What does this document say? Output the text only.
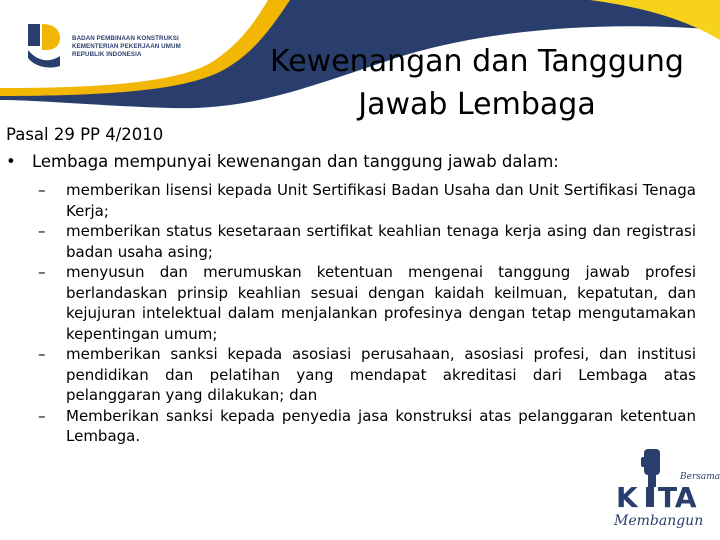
BADAN PEMBINAAN KONSTRUKSI
KEMENTERIAN PEKERJAAN UMUM
REPUBLIK INDONESIA	Kewenangan dan Tanggung Jawab Lembaga
Pasal 29 PP 4/2010
• Lembaga mempunyai kewenangan dan tanggung jawab dalam:
– memberikan lisensi kepada Unit Sertifikasi Badan Usaha dan Unit Sertifikasi Tenaga Kerja;
– memberikan status kesetaraan sertifikat keahlian tenaga kerja asing dan registrasi badan usaha asing;
– menyusun dan merumuskan ketentuan mengenai tanggung jawab profesi berlandaskan prinsip keahlian sesuai dengan kaidah keilmuan, kepatutan, dan kejujuran intelektual dalam menjalankan profesinya dengan tetap mengutamakan kepentingan umum;
– memberikan sanksi kepada asosiasi perusahaan, asosiasi profesi, dan institusi pendidikan dan pelatihan yang mendapat akreditasi dari Lembaga atas pelanggaran yang dilakukan; dan
– Memberikan sanksi kepada penyedia jasa konstruksi atas pelanggaran ketentuan Lembaga.
Bersama
K TA
Membangun
